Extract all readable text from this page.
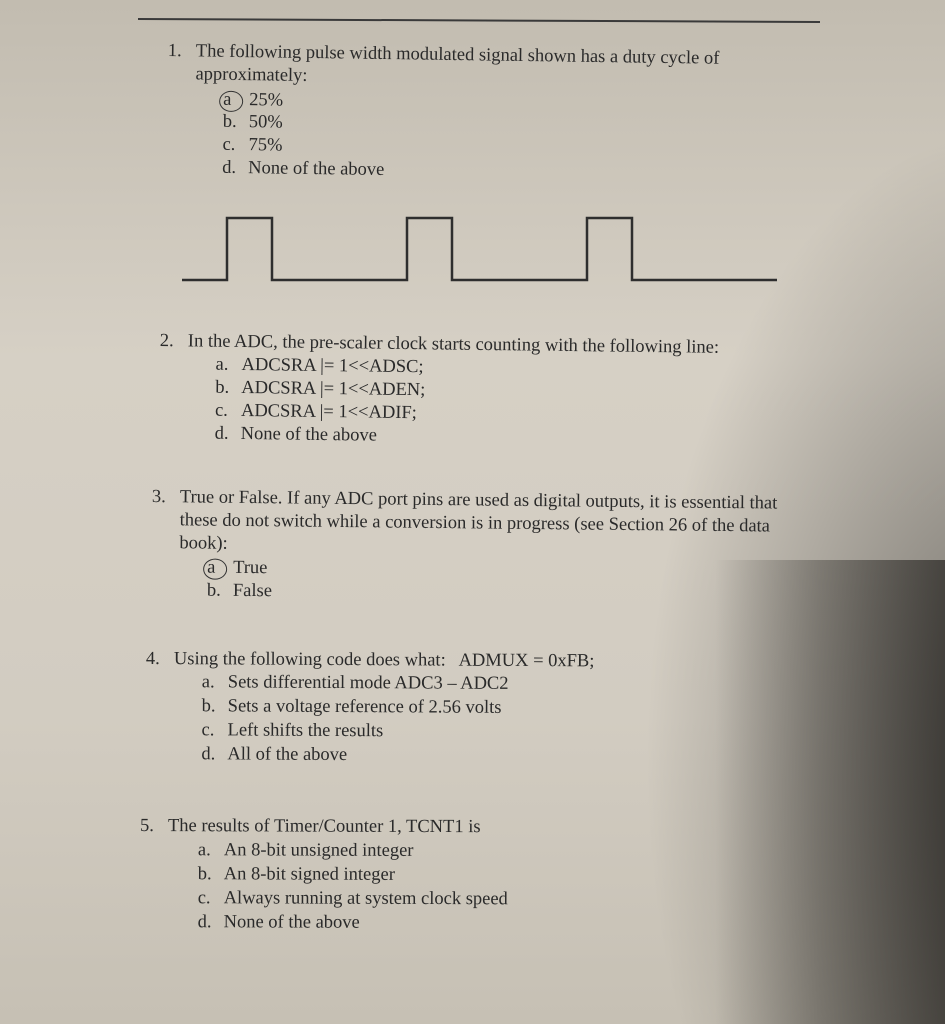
1. The following pulse width modulated signal shown has a duty cycle of approximately:
a 25%
b. 50%
c. 75%
d. None of the above
2. In the ADC, the pre-scaler clock starts counting with the following line:
a. ADCSRA |= 1<<ADSC;
b. ADCSRA |= 1<<ADEN;
c. ADCSRA |= 1<<ADIF;
d. None of the above
3. True or False. If any ADC port pins are used as digital outputs, it is essential that these do not switch while a conversion is in progress (see Section 26 of the data book):
a True
b. False
4. Using the following code does what:   ADMUX = 0xFB;
a. Sets differential mode ADC3 – ADC2
b. Sets a voltage reference of 2.56 volts
c. Left shifts the results
d. All of the above
5. The results of Timer/Counter 1, TCNT1 is
a. An 8-bit unsigned integer
b. An 8-bit signed integer
c. Always running at system clock speed
d. None of the above
